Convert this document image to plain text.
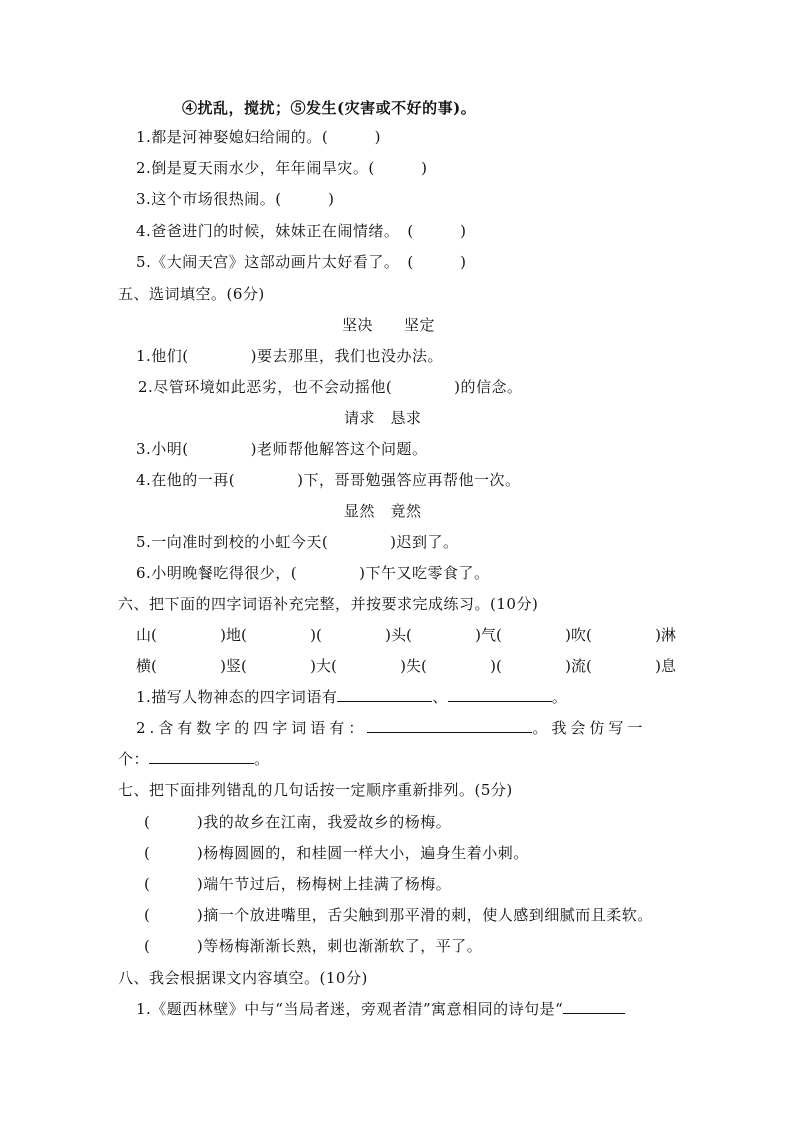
④扰乱，搅扰；⑤发生(灾害或不好的事)。
1.都是河神娶媳妇给闹的。(　　　)
2.倒是夏天雨水少，年年闹旱灾。(　　　)
3.这个市场很热闹。(　　　)
4.爸爸进门的时候，妹妹正在闹情绪。　(　　　)
5.《大闹天宫》这部动画片太好看了。　(　　　)
五、选词填空。(6分)
坚决　　坚定
1.他们(　　　　)要去那里，我们也没办法。
2.尽管环境如此恶劣，也不会动摇他(　　　　)的信念。
请求　恳求
3.小明(　　　　)老师帮他解答这个问题。
4.在他的一再(　　　　)下，哥哥勉强答应再帮他一次。
显然　竟然
5.一向准时到校的小虹今天(　　　　)迟到了。
6.小明晚餐吃得很少，(　　　　)下午又吃零食了。
六、把下面的四字词语补充完整，并按要求完成练习。(10分)
山(	)地(	)(	)头(	)气(	)吹(	)淋
横(	)竖(	)大(	)失(	)(	)流(	)息
1.描写人物神态的四字词语有	、	。
2.含有数字的四字词语有：	。我会仿写一
个：	。
七、把下面排列错乱的几句话按一定顺序重新排列。(5分)
(　　　)我的故乡在江南，我爱故乡的杨梅。
(　　　)杨梅圆圆的，和桂圆一样大小，遍身生着小刺。
(　　　)端午节过后，杨梅树上挂满了杨梅。
(　　　)摘一个放进嘴里，舌尖触到那平滑的刺，使人感到细腻而且柔软。
(　　　)等杨梅渐渐长熟，刺也渐渐软了，平了。
八、我会根据课文内容填空。(10分)
1.《题西林壁》中与“当局者迷，旁观者清”寓意相同的诗句是“
